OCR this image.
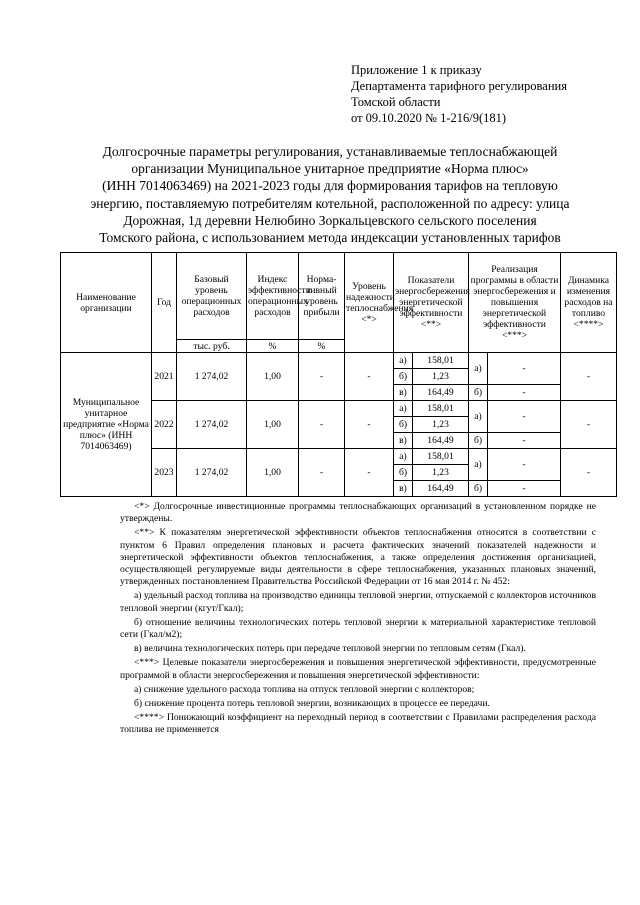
Приложение 1 к приказу
Департамента тарифного регулирования
Томской области
от 09.10.2020 № 1-216/9(181)
Долгосрочные параметры регулирования, устанавливаемые теплоснабжающей
организации Муниципальное унитарное предприятие «Норма плюс»
(ИНН 7014063469) на 2021-2023 годы для формирования тарифов на тепловую
энергию, поставляемую потребителям котельной, расположенной по адресу: улица
Дорожная, 1д деревни Нелюбино Зоркальцевского сельского поселения
Томского района, с использованием метода индексации установленных тарифов
Наименование организации	Год	Базовый уровень операционных расходов	Индекс эффективности операционных расходов	Норма-тивный уровень прибыли	Уровень надежности теплоснабжения <*>	Показатели энергосбережения энергетической эффективности <**>		Реализация программы в области энергосбережения и повышения энергетической эффективности <***>		Динамика изменения расходов на топливо <****>
		тыс. руб.	%	%						
Муниципальное унитарное предприятие «Норма плюс» (ИНН 7014063469)	2021	1 274,02	1,00	-	-	а)	158,01	а)	-	-
						б)	1,23			
						в)	164,49	б)	-	
	2022	1 274,02	1,00	-	-	а)	158,01	а)	-	-
						б)	1,23			
						в)	164,49	б)	-	
	2023	1 274,02	1,00	-	-	а)	158,01	а)	-	-
						б)	1,23			
						в)	164,49	б)	-	

<*> Долгосрочные инвестиционные программы теплоснабжающих организаций в установленном порядке не утверждены.

<**> К показателям энергетической эффективности объектов теплоснабжения относятся в соответствии с пунктом 6 Правил определения плановых и расчета фактических значений показателей надежности и энергетической эффективности объектов теплоснабжения, а также определения достижения организацией, осуществляющей регулируемые виды деятельности в сфере теплоснабжения, указанных плановых значений, утвержденных постановлением Правительства Российской Федерации от 16 мая 2014 г. № 452:

а) удельный расход топлива на производство единицы тепловой энергии, отпускаемой с коллекторов источников тепловой энергии (кгут/Гкал);

б) отношение величины технологических потерь тепловой энергии к материальной характеристике тепловой сети (Гкал/м2);

в) величина технологических потерь при передаче тепловой энергии по тепловым сетям (Гкал).

<***> Целевые показатели энергосбережения и повышения энергетической эффективности, предусмотренные программой в области энергосбережения и повышения энергетической эффективности:

а) снижение удельного расхода топлива на отпуск тепловой энергии с коллекторов;

б) снижение процента потерь тепловой энергии, возникающих в процессе ее передачи.

<****> Понижающий коэффициент на переходный период в соответствии с Правилами распределения расхода топлива не применяется
